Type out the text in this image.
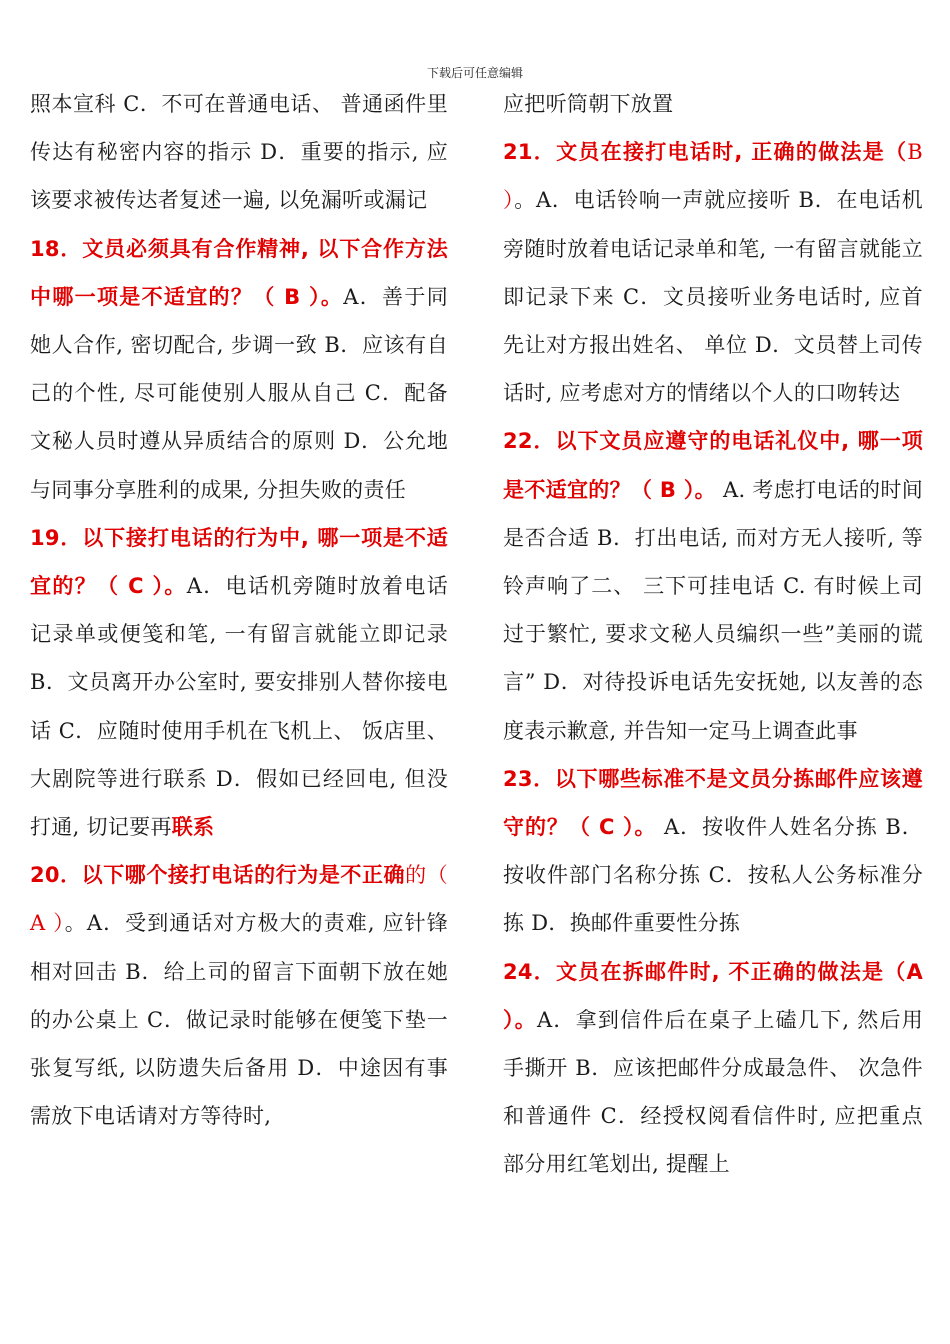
下载后可任意编辑

照本宣科 C．不可在普通电话、 普通函件里传达有秘密内容的指示 D．重要的指示, 应该要求被传达者复述一遍, 以免漏听或漏记

18．文员必须具有合作精神, 以下合作方法中哪一项是不适宜的？（ B ）。A．善于同她人合作, 密切配合, 步调一致 B．应该有自己的个性, 尽可能使别人服从自己 C．配备文秘人员时遵从异质结合的原则 D．公允地与同事分享胜利的成果, 分担失败的责任

19．以下接打电话的行为中, 哪一项是不适宜的？（ C ）。A．电话机旁随时放着电话记录单或便笺和笔, 一有留言就能立即记录 B．文员离开办公室时, 要安排别人替你接电话 C．应随时使用手机在飞机上、 饭店里、 大剧院等进行联系 D．假如已经回电, 但没打通, 切记要再联系

20．以下哪个接打电话的行为是不正确的（ A ）。A．受到通话对方极大的责难, 应针锋相对回击 B．给上司的留言下面朝下放在她的办公桌上 C．做记录时能够在便笺下垫一张复写纸, 以防遗失后备用 D．中途因有事需放下电话请对方等待时,

应把听筒朝下放置

21．文员在接打电话时, 正确的做法是（B ）。A．电话铃响一声就应接听 B．在电话机旁随时放着电话记录单和笔, 一有留言就能立即记录下来 C．文员接听业务电话时, 应首先让对方报出姓名、 单位 D．文员替上司传话时, 应考虑对方的情绪以个人的口吻转达

22．以下文员应遵守的电话礼仪中, 哪一项是不适宜的？（ B ）。 A. 考虑打电话的时间是否合适 B．打出电话, 而对方无人接听, 等铃声响了二、 三下可挂电话 C. 有时候上司过于繁忙, 要求文秘人员编织一些”美丽的谎言” D．对待投诉电话先安抚她, 以友善的态度表示歉意, 并告知一定马上调查此事

23．以下哪些标准不是文员分拣邮件应该遵守的？（ C ）。 A．按收件人姓名分拣 B．按收件部门名称分拣 C．按私人公务标准分拣 D．换邮件重要性分拣

24．文员在拆邮件时, 不正确的做法是（A ）。A．拿到信件后在桌子上磕几下, 然后用手撕开 B．应该把邮件分成最急件、 次急件和普通件 C．经授权阅看信件时, 应把重点部分用红笔划出, 提醒上
